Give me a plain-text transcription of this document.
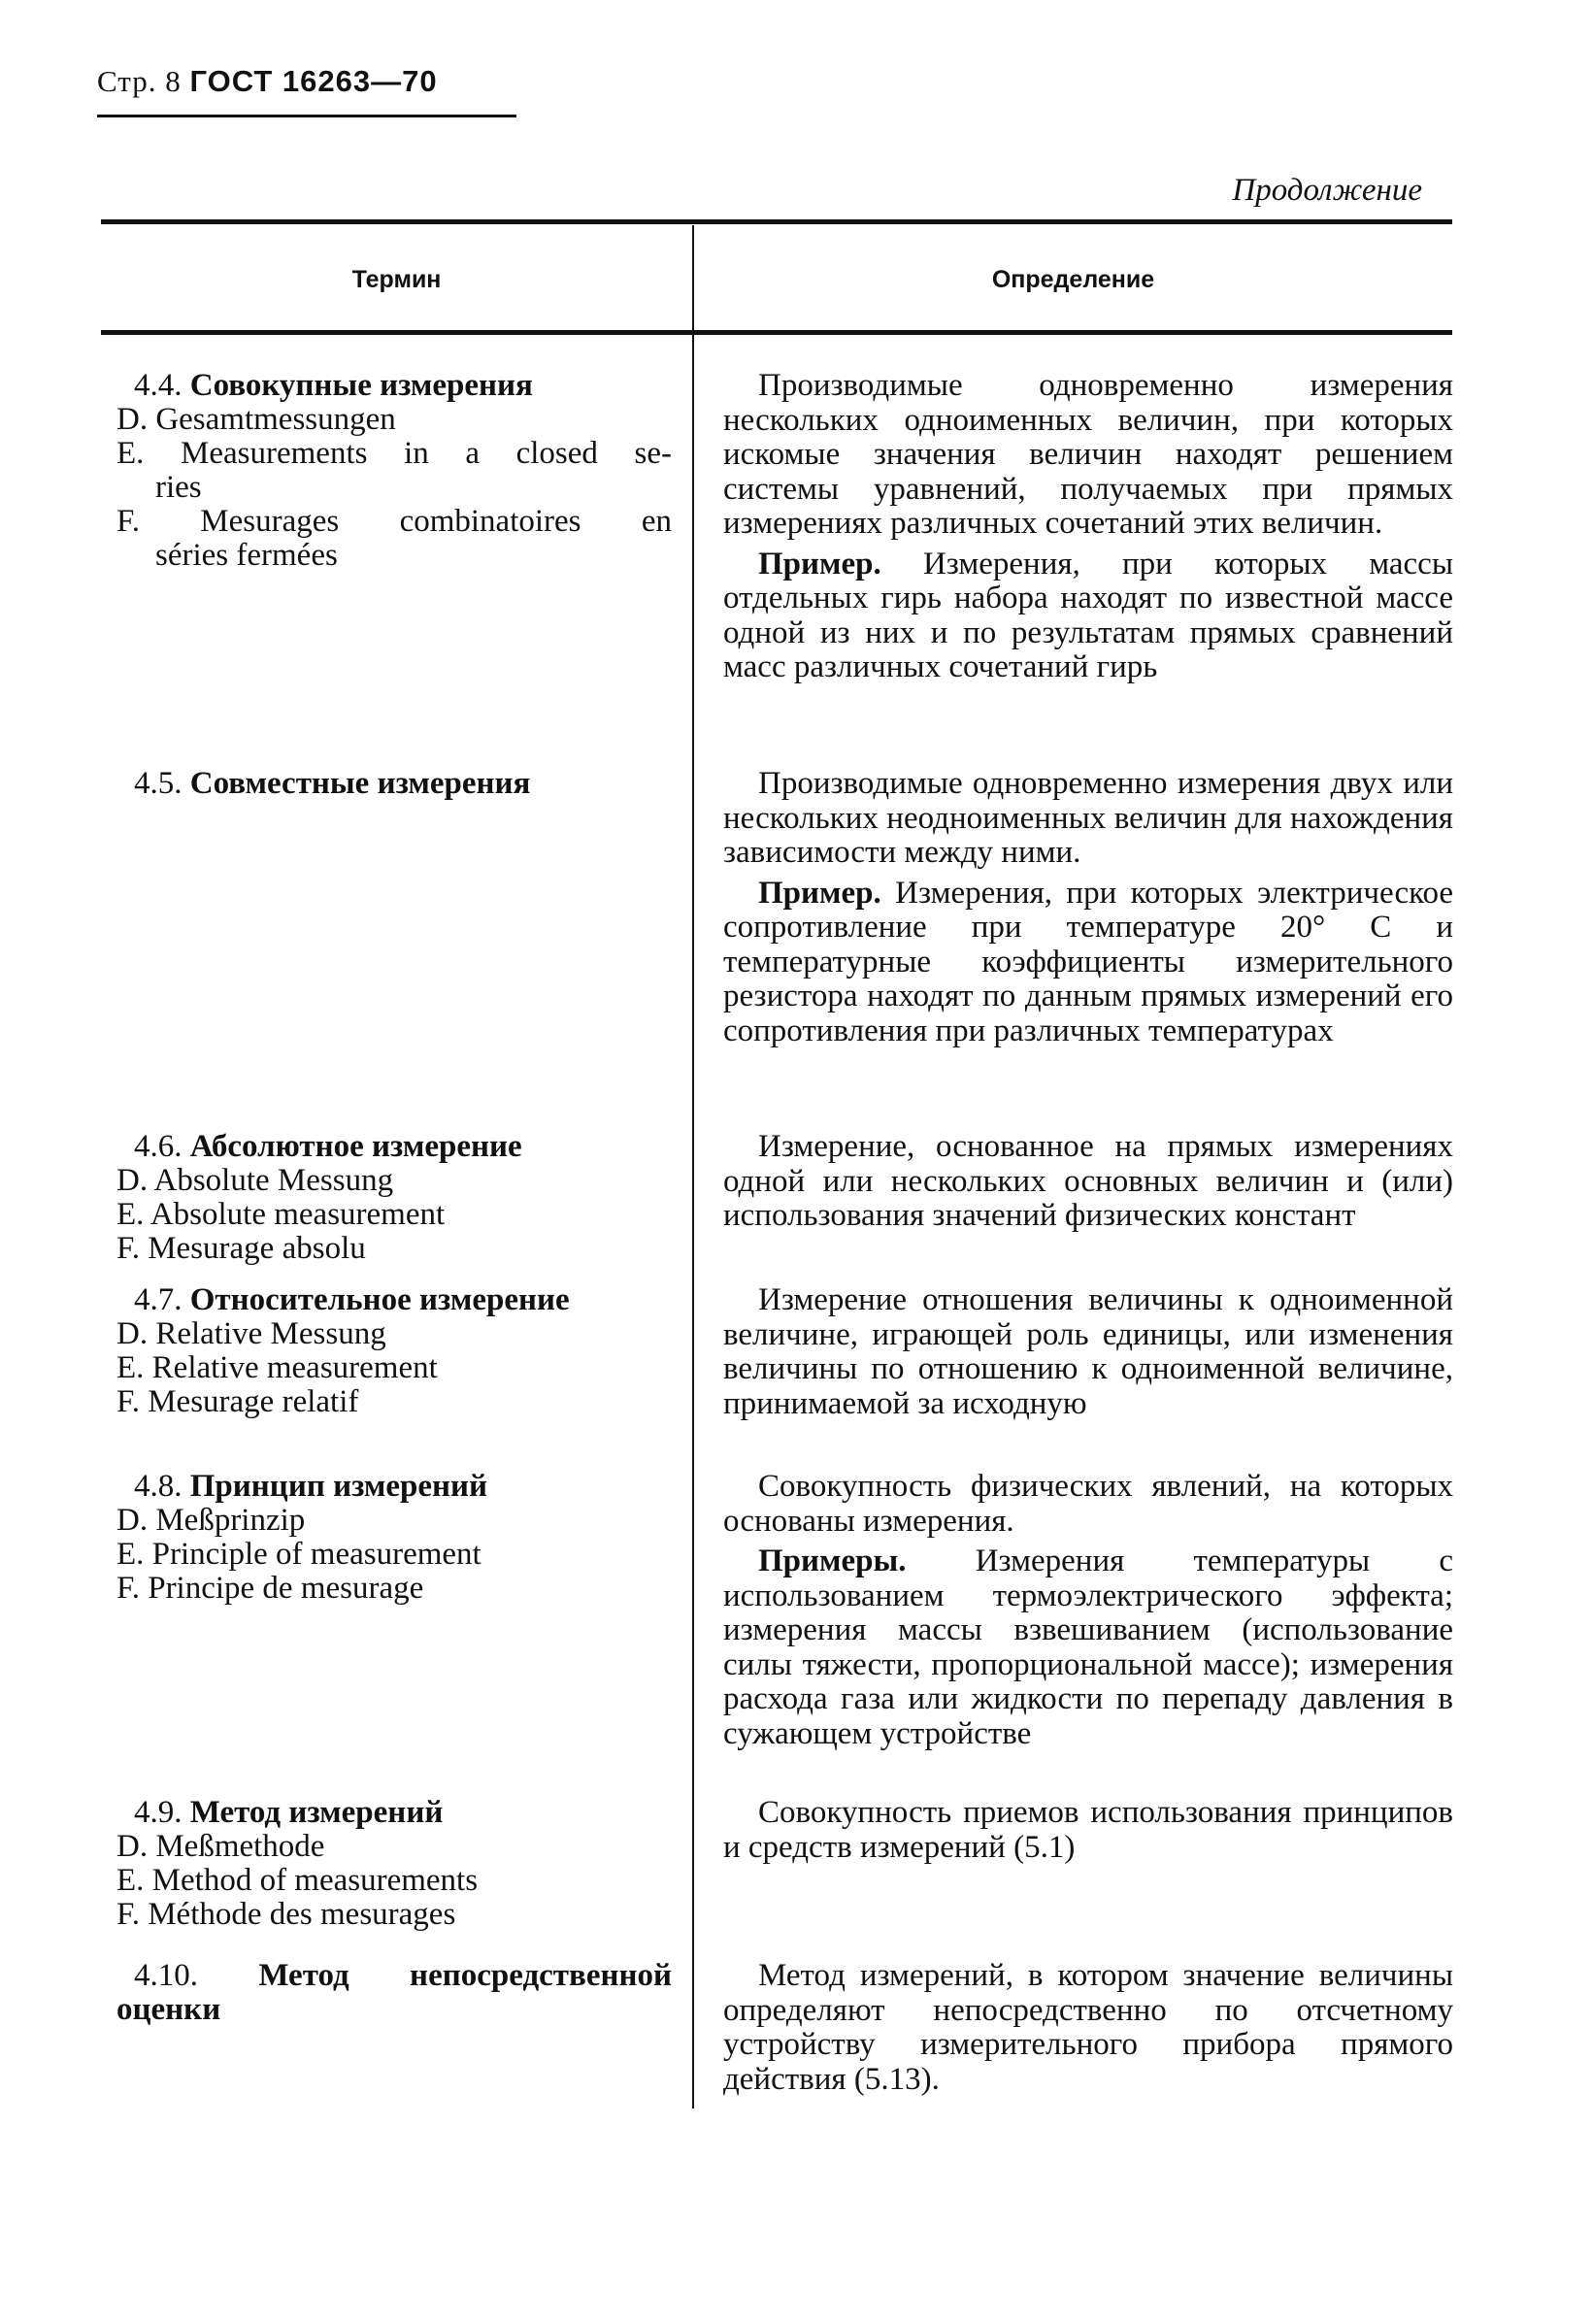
Стр. 8 ГОСТ 16263—70
Продолжение
Термин	Определение
4.4. Совокупные измерения
D. Gesamtmessungen
E. Measurements in a closed se-
ries
F. Mesurages combinatoires en
séries fermées

Производимые одновременно измерения нескольких одноименных величин, при которых искомые значения величин находят решением системы уравнений, получаемых при прямых измерениях различных сочетаний этих величин.

Пример. Измерения, при которых массы отдельных гирь набора находят по известной массе одной из них и по результатам прямых сравнений масс различных сочетаний гирь

4.5. Совместные измерения	Производимые одновременно измерения двух или нескольких неодноименных величин для нахождения зависимости между ними.

Пример. Измерения, при которых электрическое сопротивление при температуре 20° С и температурные коэффициенты измерительного резистора находят по данным прямых измерений его сопротивления при различных температурах

4.6. Абсолютное измерение
D. Absolute Messung
E. Absolute measurement
F. Mesurage absolu

Измерение, основанное на прямых измерениях одной или нескольких основных величин и (или) использования значений физических констант

4.7. Относительное измерение
D. Relative Messung
E. Relative measurement
F. Mesurage relatif

Измерение отношения величины к одноименной величине, играющей роль единицы, или изменения величины по отношению к одноименной величине, принимаемой за исходную

4.8. Принцип измерений
D. Meßprinzip
E. Principle of measurement
F. Principe de mesurage

Совокупность физических явлений, на которых основаны измерения.

Примеры. Измерения температуры с использованием термоэлектрического эффекта; измерения массы взвешиванием (использование силы тяжести, пропорциональной массе); измерения расхода газа или жидкости по перепаду давления в сужающем устройстве

4.9. Метод измерений
D. Meßmethode
E. Method of measurements
F. Méthode des mesurages

Совокупность приемов использования принципов и средств измерений (5.1)

4.10. Метод непосредственной
оценки

Метод измерений, в котором значение величины определяют непосредственно по отсчетному устройству измерительного прибора прямого действия (5.13).
